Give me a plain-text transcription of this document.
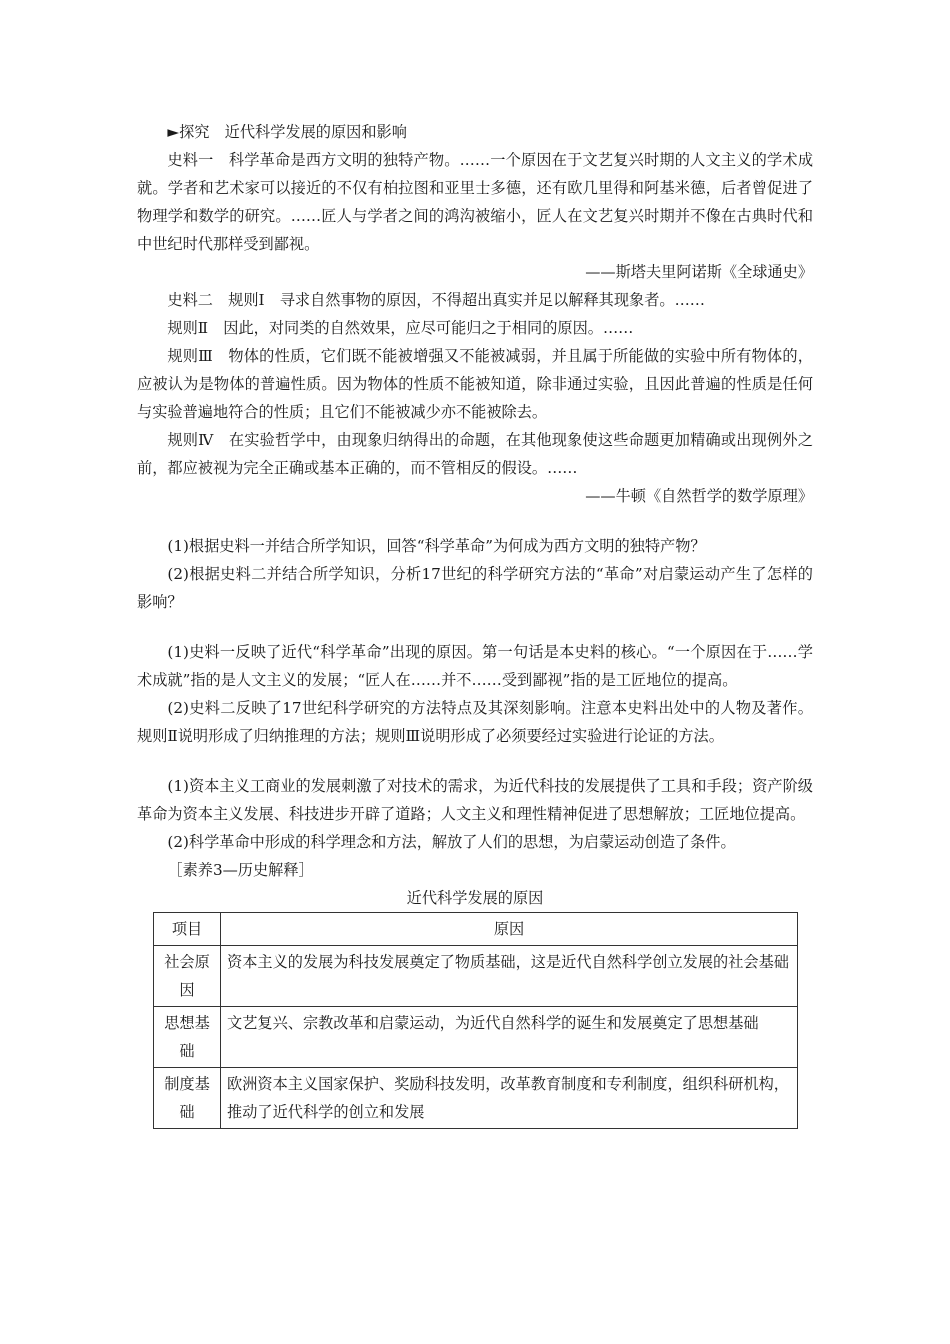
►探究　近代科学发展的原因和影响

史料一　科学革命是西方文明的独特产物。……一个原因在于文艺复兴时期的人文主义的学术成就。学者和艺术家可以接近的不仅有柏拉图和亚里士多德，还有欧几里得和阿基米德，后者曾促进了物理学和数学的研究。……匠人与学者之间的鸿沟被缩小，匠人在文艺复兴时期并不像在古典时代和中世纪时代那样受到鄙视。

——斯塔夫里阿诺斯《全球通史》

史料二　规则Ⅰ　寻求自然事物的原因，不得超出真实并足以解释其现象者。……

规则Ⅱ　因此，对同类的自然效果，应尽可能归之于相同的原因。……

规则Ⅲ　物体的性质，它们既不能被增强又不能被减弱，并且属于所能做的实验中所有物体的，应被认为是物体的普遍性质。因为物体的性质不能被知道，除非通过实验，且因此普遍的性质是任何与实验普遍地符合的性质；且它们不能被减少亦不能被除去。

规则Ⅳ　在实验哲学中，由现象归纳得出的命题，在其他现象使这些命题更加精确或出现例外之前，都应被视为完全正确或基本正确的，而不管相反的假设。……

——牛顿《自然哲学的数学原理》

(1)根据史料一并结合所学知识，回答“科学革命”为何成为西方文明的独特产物？

(2)根据史料二并结合所学知识，分析17世纪的科学研究方法的“革命”对启蒙运动产生了怎样的影响？

(1)史料一反映了近代“科学革命”出现的原因。第一句话是本史料的核心。“一个原因在于……学术成就”指的是人文主义的发展；“匠人在……并不……受到鄙视”指的是工匠地位的提高。

(2)史料二反映了17世纪科学研究的方法特点及其深刻影响。注意本史料出处中的人物及著作。规则Ⅱ说明形成了归纳推理的方法；规则Ⅲ说明形成了必须要经过实验进行论证的方法。

(1)资本主义工商业的发展刺激了对技术的需求，为近代科技的发展提供了工具和手段；资产阶级革命为资本主义发展、科技进步开辟了道路；人文主义和理性精神促进了思想解放；工匠地位提高。

(2)科学革命中形成的科学理念和方法，解放了人们的思想，为启蒙运动创造了条件。

［素养3—历史解释］

近代科学发展的原因

项目	原因
社会原因	资本主义的发展为科技发展奠定了物质基础，这是近代自然科学创立发展的社会基础
思想基础	文艺复兴、宗教改革和启蒙运动，为近代自然科学的诞生和发展奠定了思想基础
制度基础	欧洲资本主义国家保护、奖励科技发明，改革教育制度和专利制度，组织科研机构，推动了近代科学的创立和发展
